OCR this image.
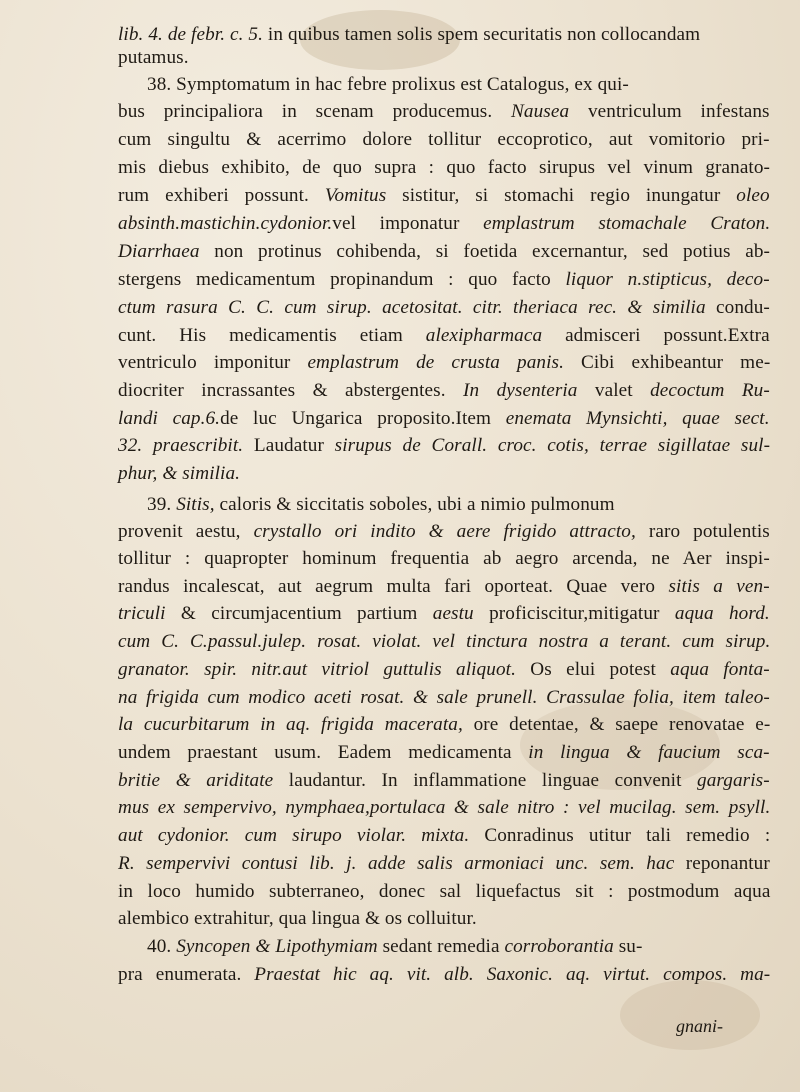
lib. 4. de febr. c. 5. in quibus tamen solis spem securitatis non collocandam
putamus.
38. Symptomatum in hac febre prolixus est Catalogus, ex qui-
bus principaliora in scenam producemus. Nausea ventriculum infestans
cum singultu & acerrimo dolore tollitur eccoprotico, aut vomitorio pri-
mis diebus exhibito, de quo supra : quo facto sirupus vel vinum granato-
rum exhiberi possunt. Vomitus sistitur, si stomachi regio inungatur oleo
absinth.mastichin.cydonior.vel imponatur emplastrum stomachale Craton.
Diarrhaea non protinus cohibenda, si foetida excernantur, sed potius ab-
stergens medicamentum propinandum : quo facto liquor n.stipticus, deco-
ctum rasura C. C. cum sirup. acetositat. citr. theriaca rec. & similia condu-
cunt. His medicamentis etiam alexipharmaca admisceri possunt.Extra
ventriculo imponitur emplastrum de crusta panis. Cibi exhibeantur me-
diocriter incrassantes & abstergentes. In dysenteria valet decoctum Ru-
landi cap.6.de luc Ungarica proposito.Item enemata Mynsichti, quae sect.
32. praescribit. Laudatur sirupus de Corall. croc. cotis, terrae sigillatae sul-
phur, & similia.
39. Sitis, caloris & siccitatis soboles, ubi a nimio pulmonum
provenit aestu, crystallo ori indito & aere frigido attracto, raro potulentis
tollitur : quapropter hominum frequentia ab aegro arcenda, ne Aer inspi-
randus incalescat, aut aegrum multa fari oporteat. Quae vero sitis a ven-
triculi & circumjacentium partium aestu proficiscitur,mitigatur aqua hord.
cum C. C.passul.julep. rosat. violat. vel tinctura nostra a terant. cum sirup.
granator. spir. nitr.aut vitriol guttulis aliquot. Os elui potest aqua fonta-
na frigida cum modico aceti rosat. & sale prunell. Crassulae folia, item taleo-
la cucurbitarum in aq. frigida macerata, ore detentae, & saepe renovatae e-
undem praestant usum. Eadem medicamenta in lingua & faucium sca-
britie & ariditate laudantur. In inflammatione linguae convenit gargaris-
mus ex sempervivo, nymphaea,portulaca & sale nitro : vel mucilag. sem. psyll.
aut cydonior. cum sirupo violar. mixta. Conradinus utitur tali remedio :
R. sempervivi contusi lib. j. adde salis armoniaci unc. sem. hac reponantur
in loco humido subterraneo, donec sal liquefactus sit : postmodum aqua
alembico extrahitur, qua lingua & os colluitur.
40. Syncopen & Lipothymiam sedant remedia corroborantia su-
pra enumerata. Praestat hic aq. vit. alb. Saxonic. aq. virtut. compos. ma-
gnani-
